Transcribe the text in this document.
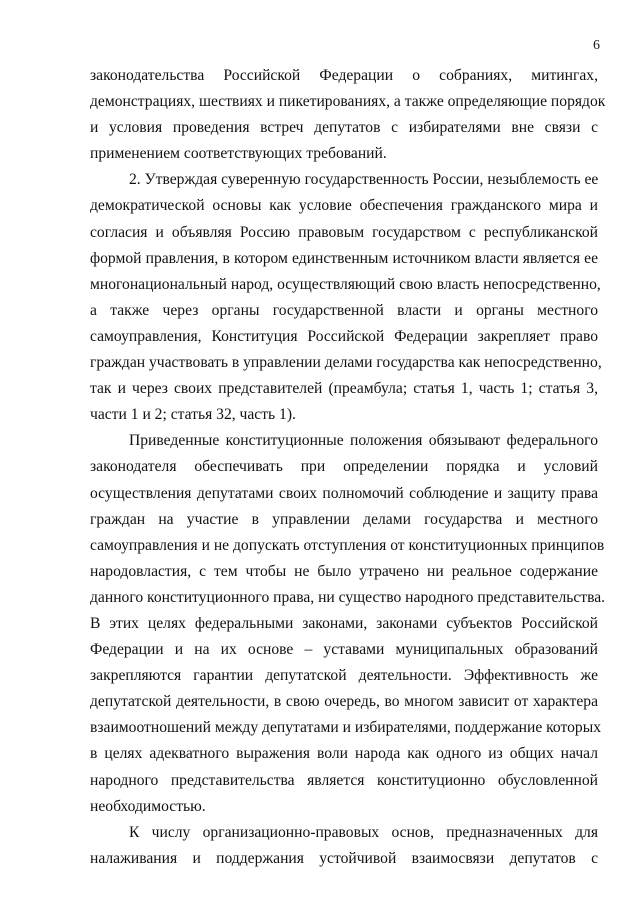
6
законодательства Российской Федерации о собраниях, митингах,
демонстрациях, шествиях и пикетированиях, а также определяющие порядок
и условия проведения встреч депутатов с избирателями вне связи с
применением соответствующих требований.
2. Утверждая суверенную государственность России, незыблемость ее
демократической основы как условие обеспечения гражданского мира и
согласия и объявляя Россию правовым государством с республиканской
формой правления, в котором единственным источником власти является ее
многонациональный народ, осуществляющий свою власть непосредственно,
а также через органы государственной власти и органы местного
самоуправления, Конституция Российской Федерации закрепляет право
граждан участвовать в управлении делами государства как непосредственно,
так и через своих представителей (преамбула; статья 1, часть 1; статья 3,
части 1 и 2; статья 32, часть 1).
Приведенные конституционные положения обязывают федерального
законодателя обеспечивать при определении порядка и условий
осуществления депутатами своих полномочий соблюдение и защиту права
граждан на участие в управлении делами государства и местного
самоуправления и не допускать отступления от конституционных принципов
народовластия, с тем чтобы не было утрачено ни реальное содержание
данного конституционного права, ни существо народного представительства.
В этих целях федеральными законами, законами субъектов Российской
Федерации и на их основе – уставами муниципальных образований
закрепляются гарантии депутатской деятельности. Эффективность же
депутатской деятельности, в свою очередь, во многом зависит от характера
взаимоотношений между депутатами и избирателями, поддержание которых
в целях адекватного выражения воли народа как одного из общих начал
народного представительства является конституционно обусловленной
необходимостью.
К числу организационно-правовых основ, предназначенных для
налаживания и поддержания устойчивой взаимосвязи депутатов с
